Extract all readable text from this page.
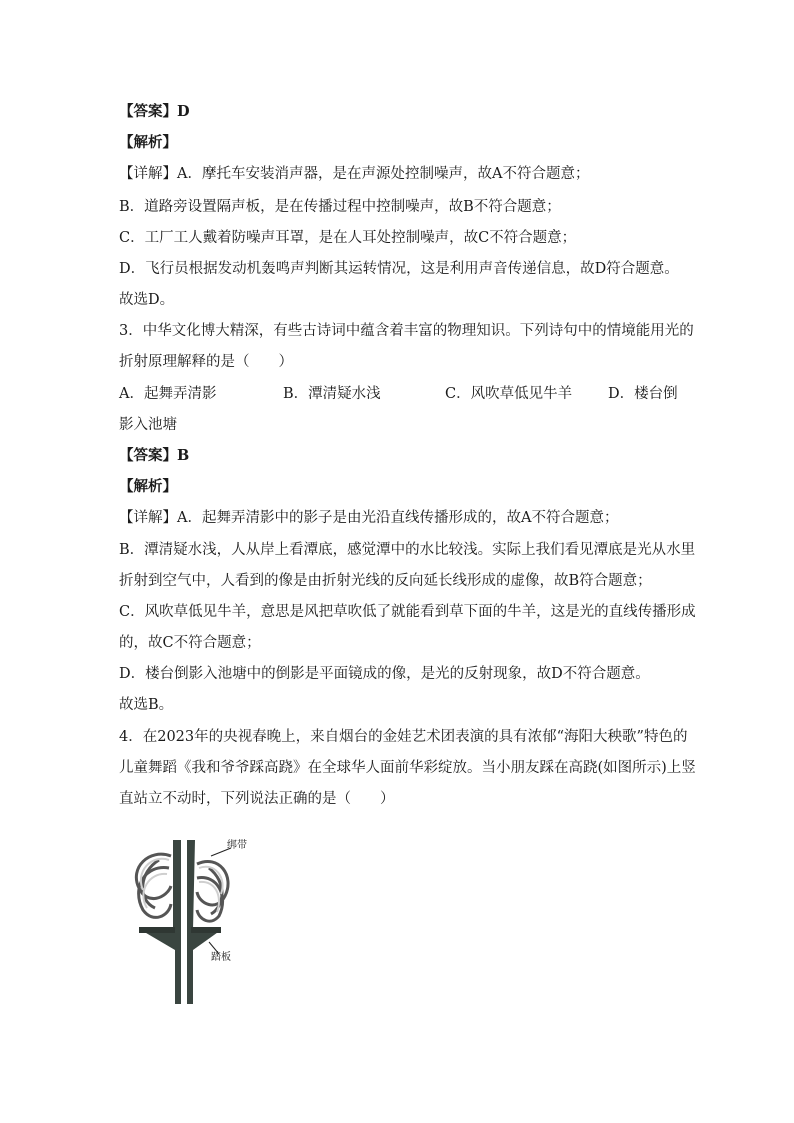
【答案】D
【解析】
【详解】A．摩托车安装消声器，是在声源处控制噪声，故A不符合题意；
B．道路旁设置隔声板，是在传播过程中控制噪声，故B不符合题意；
C．工厂工人戴着防噪声耳罩，是在人耳处控制噪声，故C不符合题意；
D．飞行员根据发动机轰鸣声判断其运转情况，这是利用声音传递信息，故D符合题意。
故选D。
3．中华文化博大精深，有些古诗词中蕴含着丰富的物理知识。下列诗句中的情境能用光的
折射原理解释的是（　　）
A．起舞弄清影	B．潭清疑水浅	C．风吹草低见牛羊 D．楼台倒
影入池塘
【答案】B
【解析】
【详解】A．起舞弄清影中的影子是由光沿直线传播形成的，故A不符合题意；
B．潭清疑水浅，人从岸上看潭底，感觉潭中的水比较浅。实际上我们看见潭底是光从水里
折射到空气中，人看到的像是由折射光线的反向延长线形成的虚像，故B符合题意；
C．风吹草低见牛羊，意思是风把草吹低了就能看到草下面的牛羊，这是光的直线传播形成
的，故C不符合题意；
D．楼台倒影入池塘中的倒影是平面镜成的像，是光的反射现象，故D不符合题意。
故选B。
4．在2023年的央视春晚上，来自烟台的金娃艺术团表演的具有浓郁“海阳大秧歌”特色的
儿童舞蹈《我和爷爷踩高跷》在全球华人面前华彩绽放。当小朋友踩在高跷(如图所示)上竖
直站立不动时，下列说法正确的是（　　）
绑带
踏板
